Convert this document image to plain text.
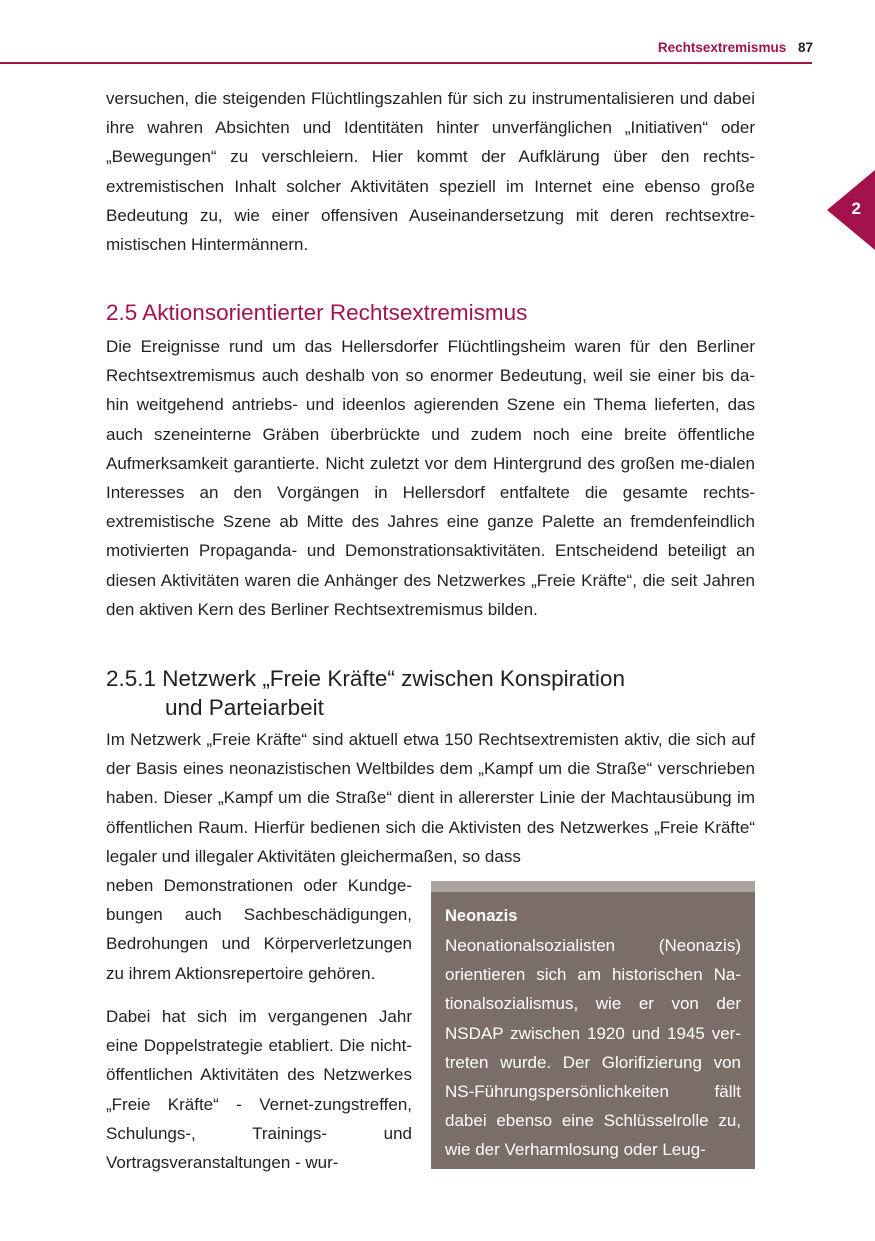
Rechtsextremismus 87
2

versuchen, die steigenden Flüchtlingszahlen für sich zu instrumentalisieren und dabei ihre wahren Absichten und Identitäten hinter unverfänglichen „Initiativen“ oder „Bewegungen“ zu verschleiern. Hier kommt der Aufklärung über den rechts-extremistischen Inhalt solcher Aktivitäten speziell im Internet eine ebenso große Bedeutung zu, wie einer offensiven Auseinandersetzung mit deren rechtsextre-mistischen Hintermännern.

2.5 Aktionsorientierter Rechtsextremismus

Die Ereignisse rund um das Hellersdorfer Flüchtlingsheim waren für den Berliner Rechtsextremismus auch deshalb von so enormer Bedeutung, weil sie einer bis da-hin weitgehend antriebs- und ideenlos agierenden Szene ein Thema lieferten, das auch szeneinterne Gräben überbrückte und zudem noch eine breite öffentliche Aufmerksamkeit garantierte. Nicht zuletzt vor dem Hintergrund des großen me-dialen Interesses an den Vorgängen in Hellersdorf entfaltete die gesamte rechts-extremistische Szene ab Mitte des Jahres eine ganze Palette an fremdenfeindlich motivierten Propaganda- und Demonstrationsaktivitäten. Entscheidend beteiligt an diesen Aktivitäten waren die Anhänger des Netzwerkes „Freie Kräfte“, die seit Jahren den aktiven Kern des Berliner Rechtsextremismus bilden.

2.5.1 Netzwerk „Freie Kräfte“ zwischen Konspiration
und Parteiarbeit

Im Netzwerk „Freie Kräfte“ sind aktuell etwa 150 Rechtsextremisten aktiv, die sich auf der Basis eines neonazistischen Weltbildes dem „Kampf um die Straße“ verschrieben haben. Dieser „Kampf um die Straße“ dient in allererster Linie der Machtausübung im öffentlichen Raum. Hierfür bedienen sich die Aktivisten des Netzwerkes „Freie Kräfte“ legaler und illegaler Aktivitäten gleichermaßen, so dass

neben Demonstrationen oder Kundge-bungen auch Sachbeschädigungen, Bedrohungen und Körperverletzungen zu ihrem Aktionsrepertoire gehören.

Dabei hat sich im vergangenen Jahr eine Doppelstrategie etabliert. Die nicht-öffentlichen Aktivitäten des Netzwerkes „Freie Kräfte“ - Vernet-zungstreffen, Schulungs-, Trainings- und Vortragsveranstaltungen - wur-

Neonazis

Neonationalsozialisten (Neonazis) orientieren sich am historischen Na-tionalsozialismus, wie er von der NSDAP zwischen 1920 und 1945 ver-treten wurde. Der Glorifizierung von NS-Führungspersönlichkeiten fällt dabei ebenso eine Schlüsselrolle zu, wie der Verharmlosung oder Leug-
